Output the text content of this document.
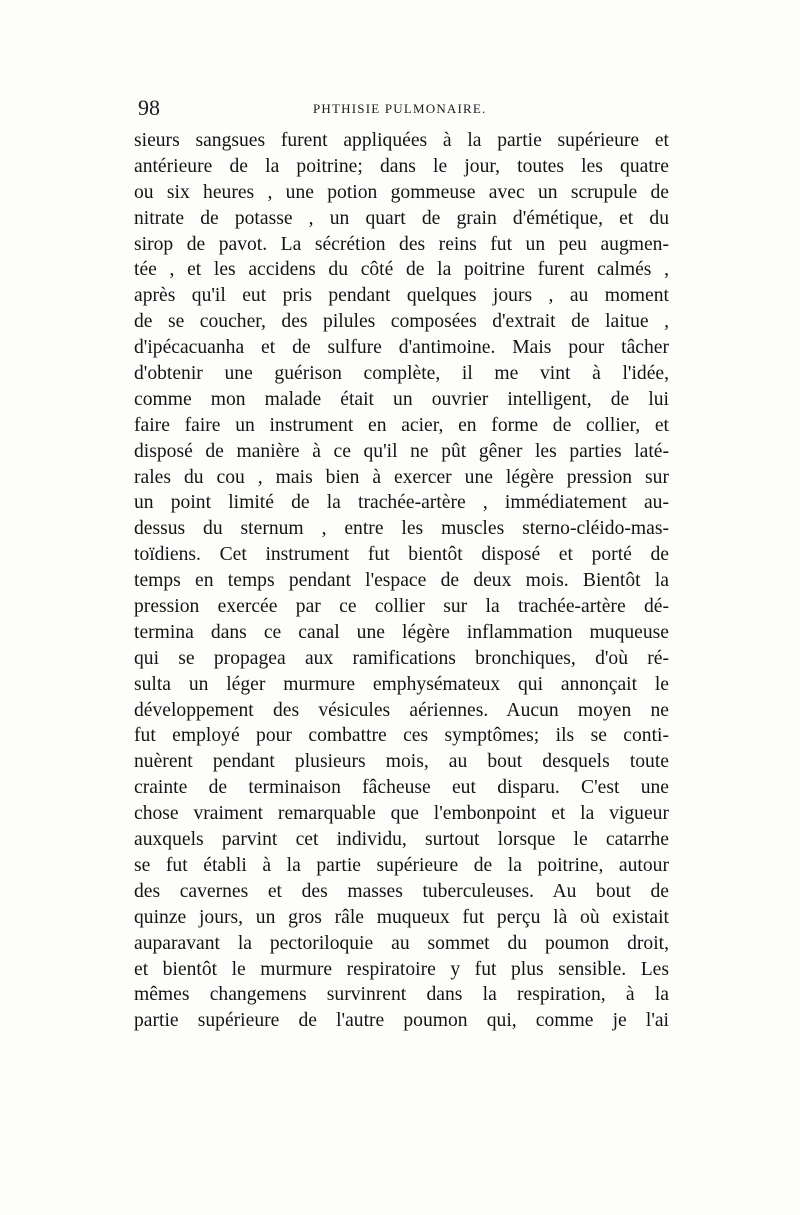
98	PHTHISIE PULMONAIRE.
sieurs sangsues furent appliquées à la partie supérieure et
antérieure de la poitrine; dans le jour, toutes les quatre
ou six heures , une potion gommeuse avec un scrupule de
nitrate de potasse , un quart de grain d'émétique, et du
sirop de pavot. La sécrétion des reins fut un peu augmen-
tée , et les accidens du côté de la poitrine furent calmés ,
après qu'il eut pris pendant quelques jours , au moment
de se coucher, des pilules composées d'extrait de laitue ,
d'ipécacuanha et de sulfure d'antimoine. Mais pour tâcher
d'obtenir une guérison complète, il me vint à l'idée,
comme mon malade était un ouvrier intelligent, de lui
faire faire un instrument en acier, en forme de collier, et
disposé de manière à ce qu'il ne pût gêner les parties laté-
rales du cou , mais bien à exercer une légère pression sur
un point limité de la trachée-artère , immédiatement au-
dessus du sternum , entre les muscles sterno-cléido-mas-
toïdiens. Cet instrument fut bientôt disposé et porté de
temps en temps pendant l'espace de deux mois. Bientôt la
pression exercée par ce collier sur la trachée-artère dé-
termina dans ce canal une légère inflammation muqueuse
qui se propagea aux ramifications bronchiques, d'où ré-
sulta un léger murmure emphysémateux qui annonçait le
développement des vésicules aériennes. Aucun moyen ne
fut employé pour combattre ces symptômes; ils se conti-
nuèrent pendant plusieurs mois, au bout desquels toute
crainte de terminaison fâcheuse eut disparu. C'est une
chose vraiment remarquable que l'embonpoint et la vigueur
auxquels parvint cet individu, surtout lorsque le catarrhe
se fut établi à la partie supérieure de la poitrine, autour
des cavernes et des masses tuberculeuses. Au bout de
quinze jours, un gros râle muqueux fut perçu là où existait
auparavant la pectoriloquie au sommet du poumon droit,
et bientôt le murmure respiratoire y fut plus sensible. Les
mêmes changemens survinrent dans la respiration, à la
partie supérieure de l'autre poumon qui, comme je l'ai
